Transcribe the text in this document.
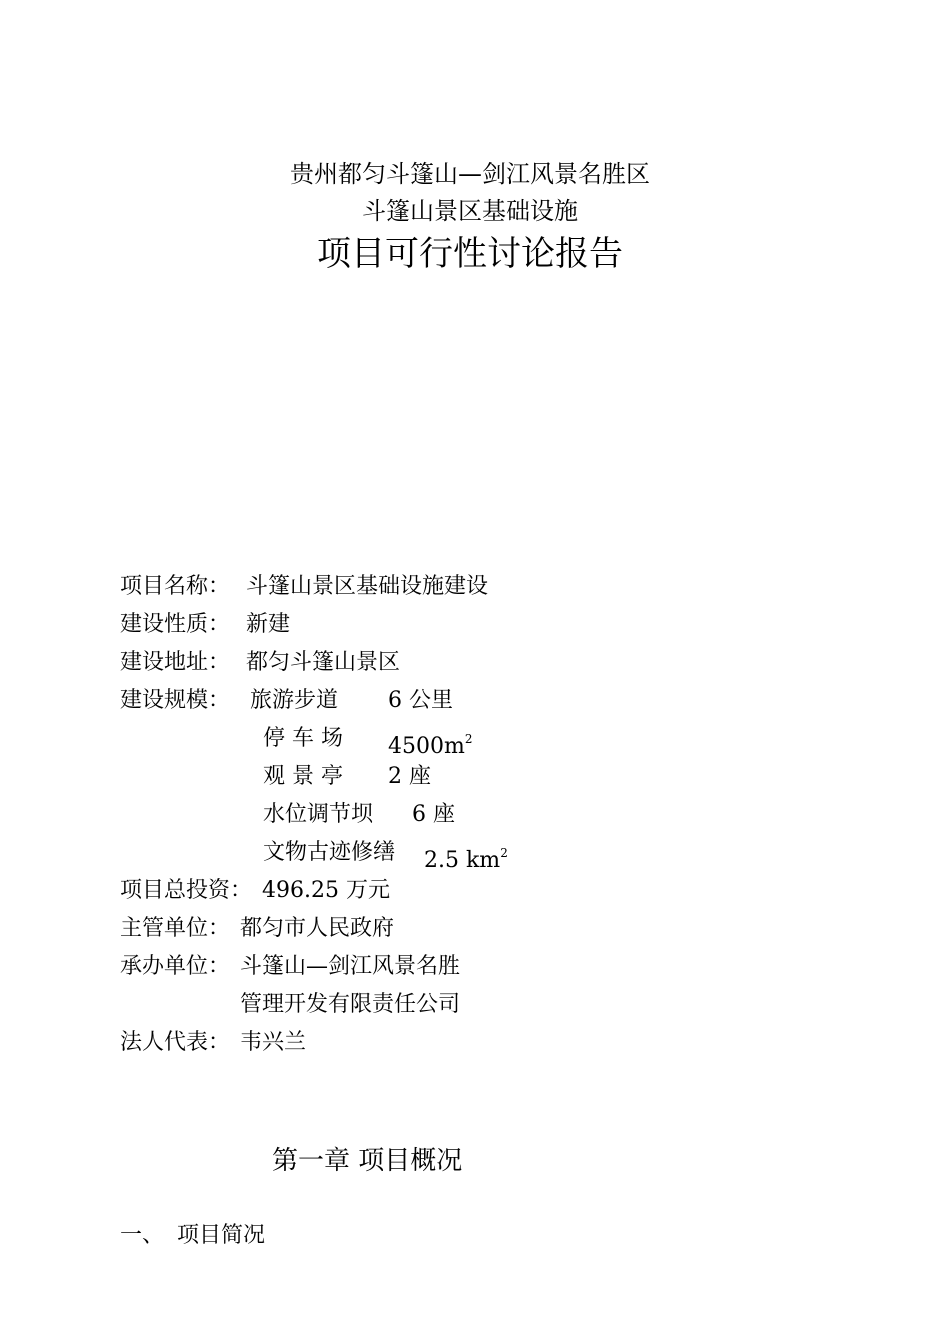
贵州都匀斗篷山—剑江风景名胜区
斗篷山景区基础设施
项目可行性讨论报告
项目名称： 斗篷山景区基础设施建设
建设性质： 新建
建设地址： 都匀斗篷山景区
建设规模： 旅游步道 6 公里
停 车 场 $4500m^2$
观 景 亭 2 座
水位调节坝 6 座
文物古迹修缮 2.5 $km^2$
项目总投资： 496.25 万元
主管单位： 都匀市人民政府
承办单位： 斗篷山—剑江风景名胜
管理开发有限责任公司
法人代表： 韦兴兰
第一章 项目概况
一、 项目简况
